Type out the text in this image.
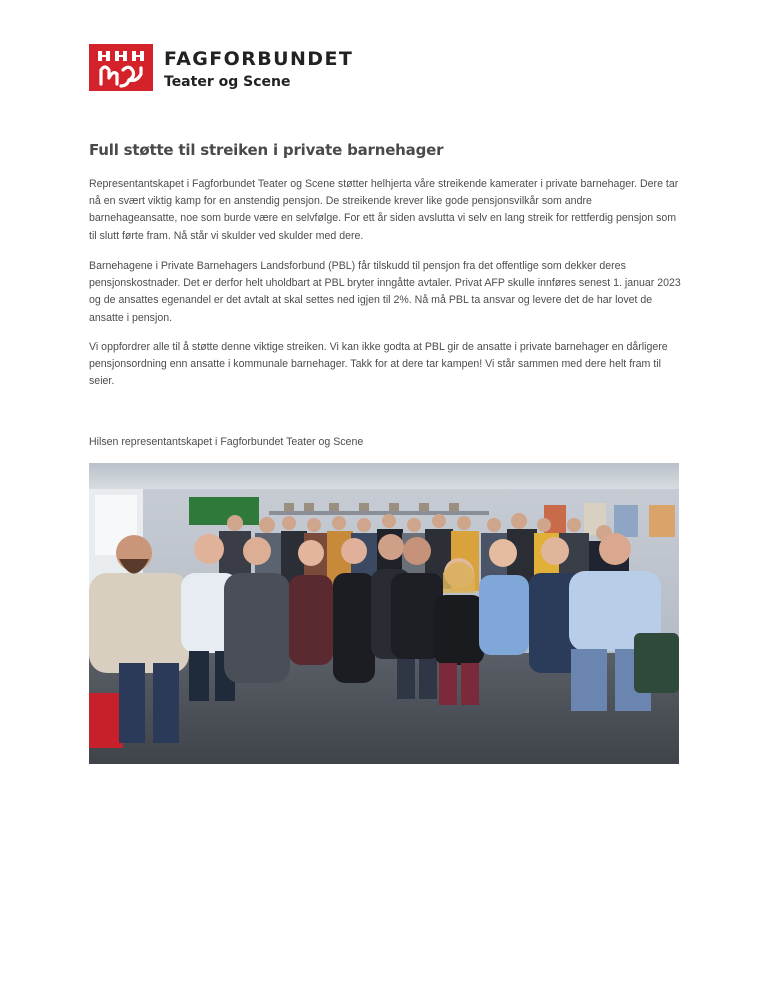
FAGFORBUNDET
Teater og Scene
Full støtte til streiken i private barnehager

Representantskapet i Fagforbundet Teater og Scene støtter helhjerta våre streikende kamerater i private barnehager. Dere tar nå en svært viktig kamp for en anstendig pensjon. De streikende krever like gode pensjonsvilkår som andre barnehageansatte, noe som burde være en selvfølge. For ett år siden avslutta vi selv en lang streik for rettferdig pensjon som til slutt førte fram. Nå står vi skulder ved skulder med dere.

Barnehagene i Private Barnehagers Landsforbund (PBL) får tilskudd til pensjon fra det offentlige som dekker deres pensjonskostnader. Det er derfor helt uholdbart at PBL bryter inngåtte avtaler. Privat AFP skulle innføres senest 1. januar 2023 og de ansattes egenandel er det avtalt at skal settes ned igjen til 2%. Nå må PBL ta ansvar og levere det de har lovet de ansatte i pensjon.

Vi oppfordrer alle til å støtte denne viktige streiken. Vi kan ikke godta at PBL gir de ansatte i private barnehager en dårligere pensjonsordning enn ansatte i kommunale barnehager. Takk for at dere tar kampen! Vi står sammen med dere helt fram til seier.

Hilsen representantskapet i Fagforbundet Teater og Scene
